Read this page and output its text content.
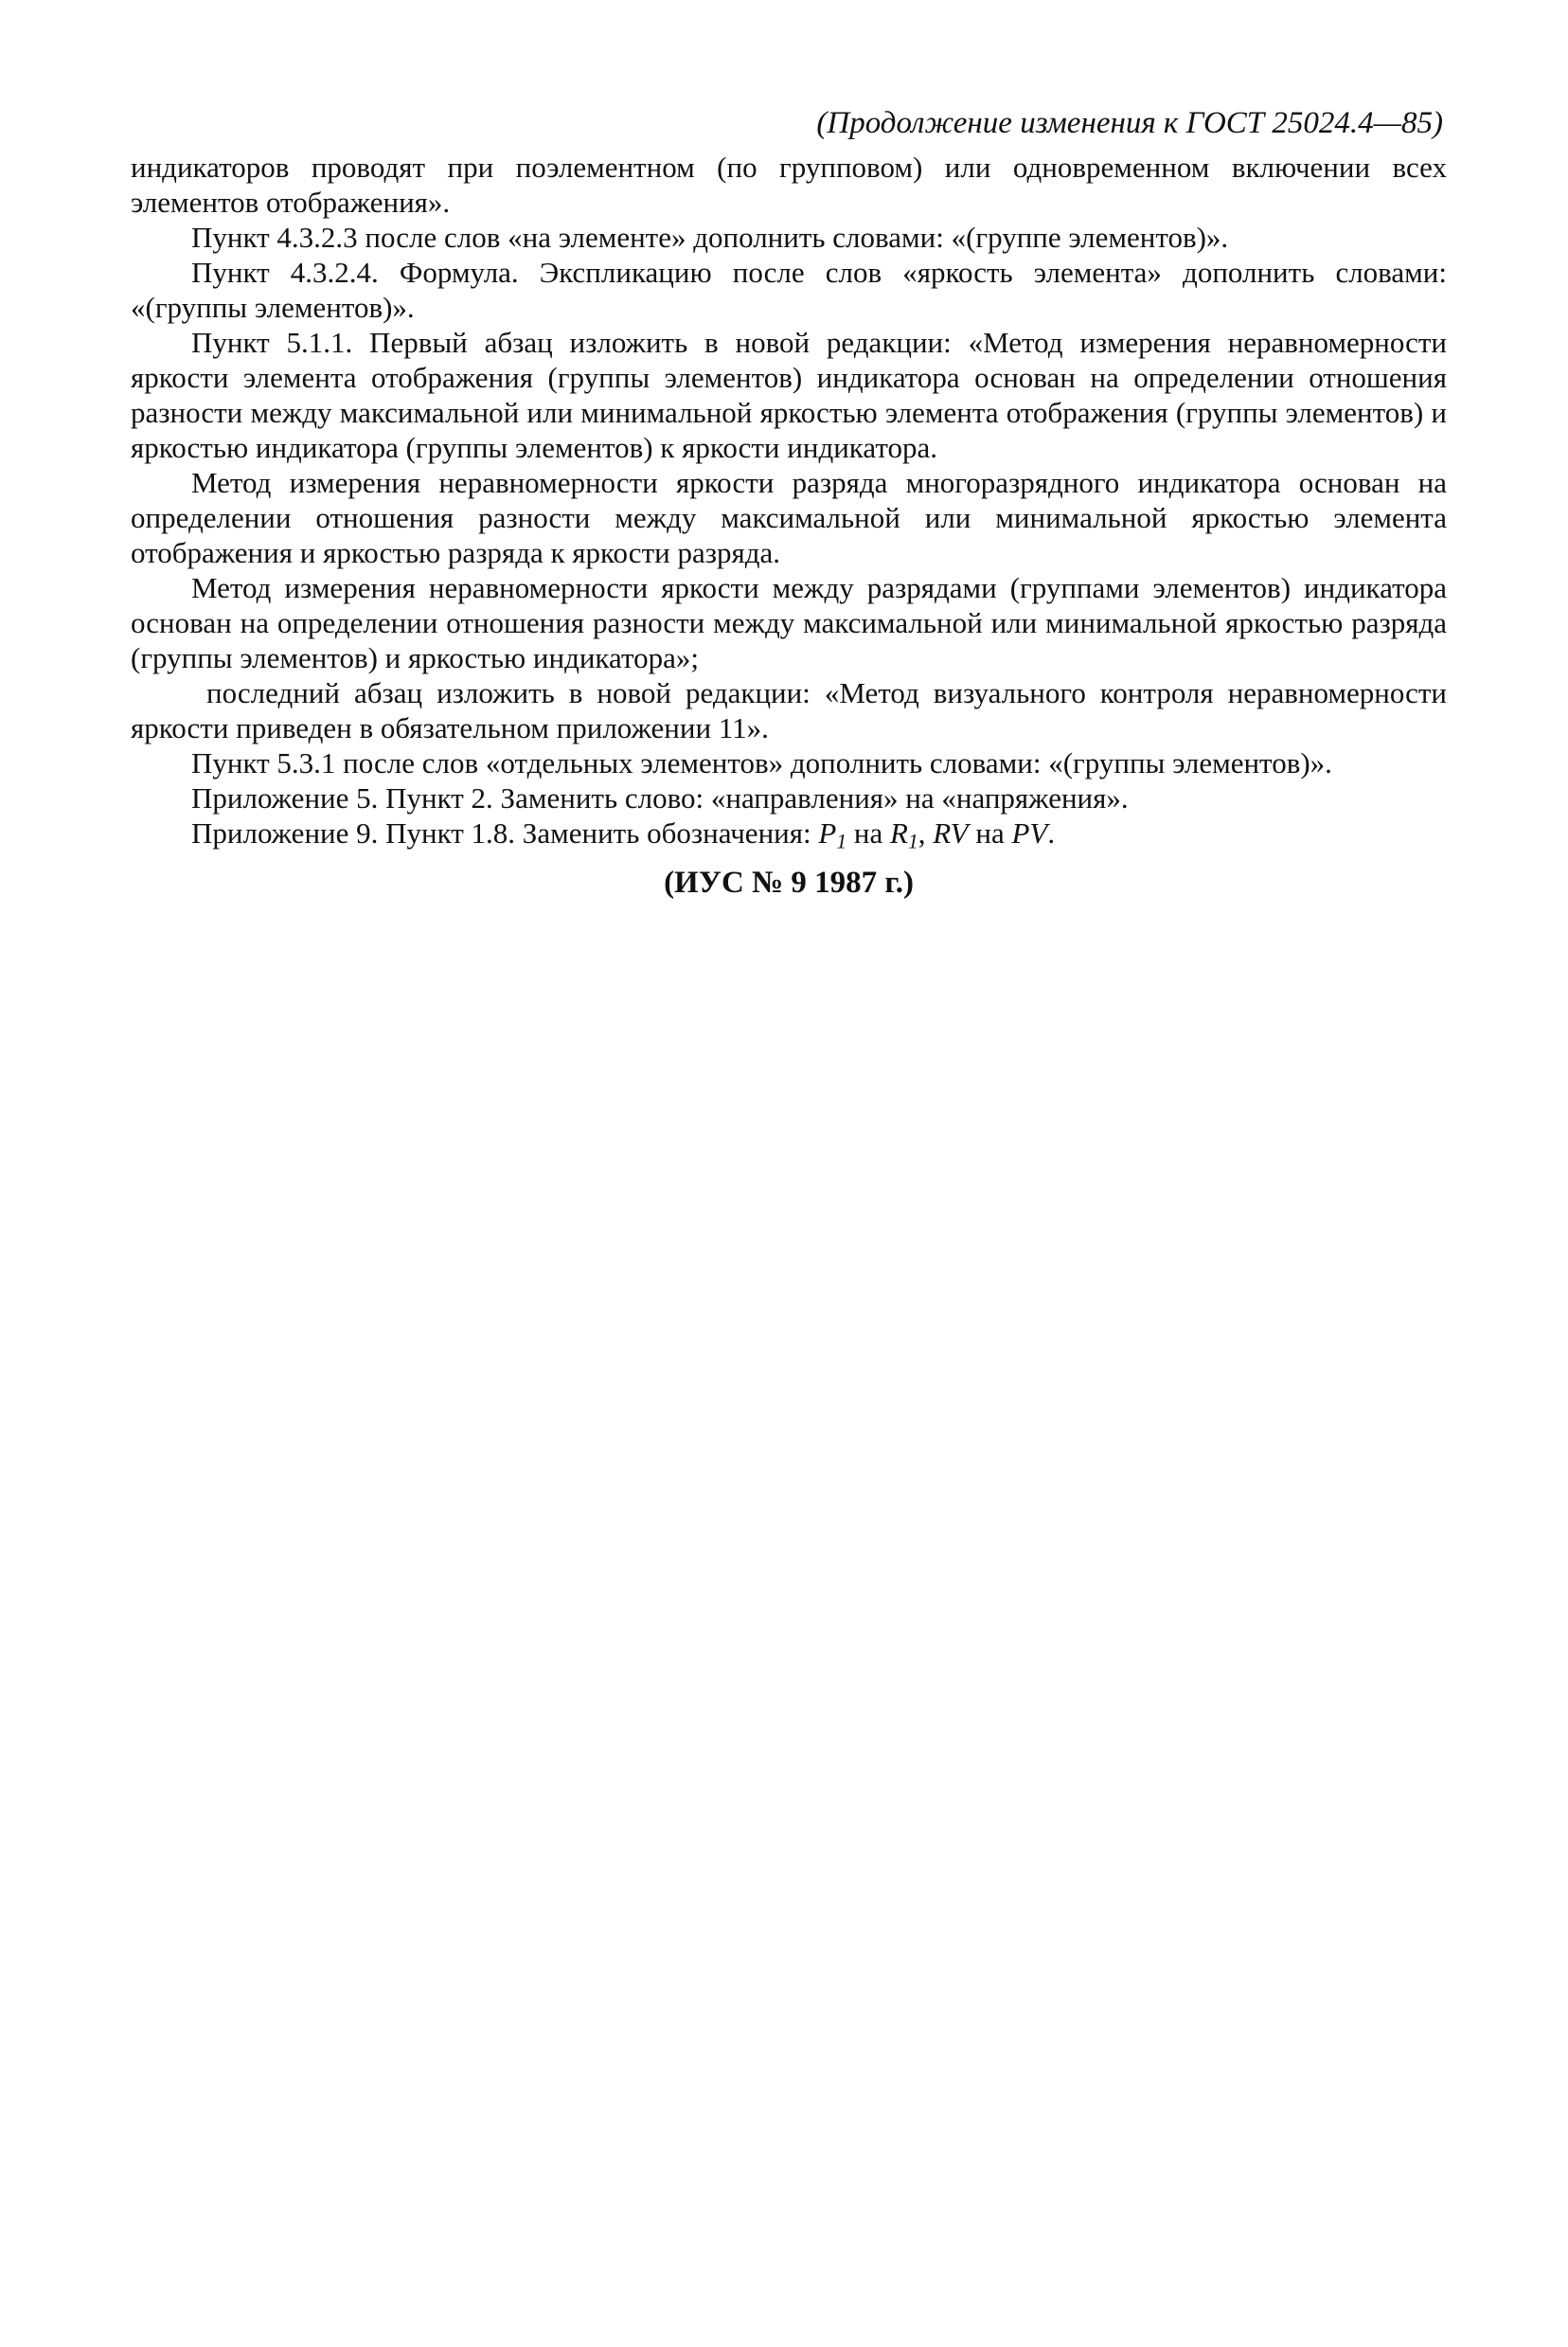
(Продолжение изменения к ГОСТ 25024.4—85)

индикаторов проводят при поэлементном (по групповом) или одновременном включении всех элементов отображения».

Пункт 4.3.2.3 после слов «на элементе» дополнить словами: «(группе элементов)».

Пункт 4.3.2.4. Формула. Экспликацию после слов «яркость элемента» дополнить словами: «(группы элементов)».

Пункт 5.1.1. Первый абзац изложить в новой редакции: «Метод измерения неравномерности яркости элемента отображения (группы элементов) индикатора основан на определении отношения разности между максимальной или минимальной яркостью элемента отображения (группы элементов) и яркостью индикатора (группы элементов) к яркости индикатора.

Метод измерения неравномерности яркости разряда многоразрядного индикатора основан на определении отношения разности между максимальной или минимальной яркостью элемента отображения и яркостью разряда к яркости разряда.

Метод измерения неравномерности яркости между разрядами (группами элементов) индикатора основан на определении отношения разности между максимальной или минимальной яркостью разряда (группы элементов) и яркостью индикатора»;

последний абзац изложить в новой редакции: «Метод визуального контроля неравномерности яркости приведен в обязательном приложении 11».

Пункт 5.3.1 после слов «отдельных элементов» дополнить словами: «(группы элементов)».

Приложение 5. Пункт 2. Заменить слово: «направления» на «напряжения».

Приложение 9. Пункт 1.8. Заменить обозначения: $P_1$ на $R_1$, RV на PV.

(ИУС № 9 1987 г.)
